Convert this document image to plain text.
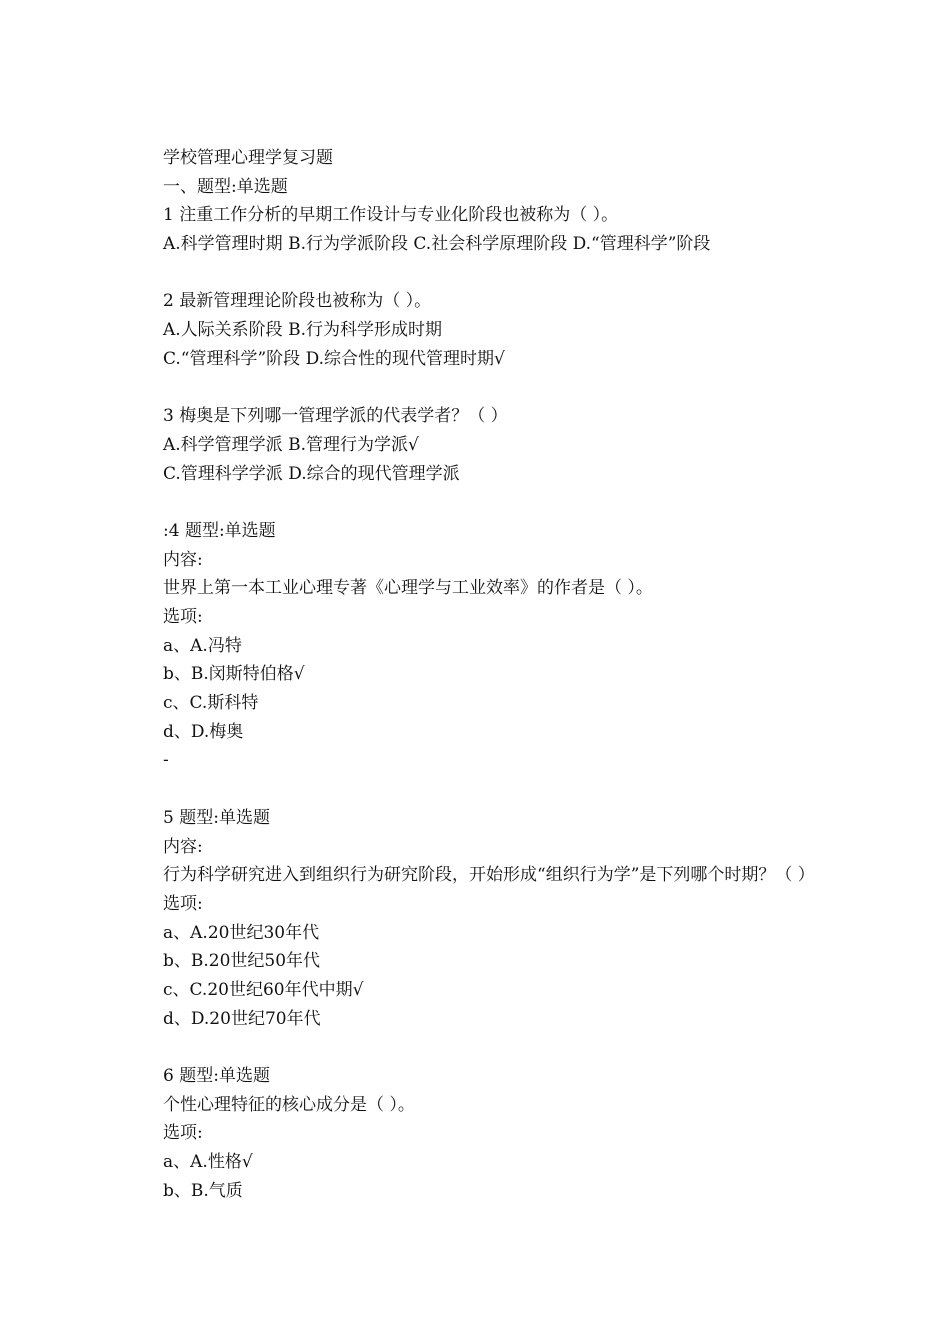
学校管理心理学复习题
一、题型:单选题
1 注重工作分析的早期工作设计与专业化阶段也被称为（ ）。
A.科学管理时期 B.行为学派阶段 C.社会科学原理阶段 D.“管理科学”阶段
2 最新管理理论阶段也被称为（ ）。
A.人际关系阶段 B.行为科学形成时期
C.“管理科学”阶段 D.综合性的现代管理时期√
3 梅奥是下列哪一管理学派的代表学者？（ ）
A.科学管理学派 B.管理行为学派√
C.管理科学学派 D.综合的现代管理学派
:4 题型:单选题
内容:
世界上第一本工业心理专著《心理学与工业效率》的作者是（ ）。
选项:
a、A.冯特
b、B.闵斯特伯格√
c、C.斯科特
d、D.梅奥
-
5 题型:单选题
内容:
行为科学研究进入到组织行为研究阶段，开始形成“组织行为学”是下列哪个时期？（ ）
选项:
a、A.20世纪30年代
b、B.20世纪50年代
c、C.20世纪60年代中期√
d、D.20世纪70年代
6 题型:单选题
个性心理特征的核心成分是（ ）。
选项:
a、A.性格√
b、B.气质
